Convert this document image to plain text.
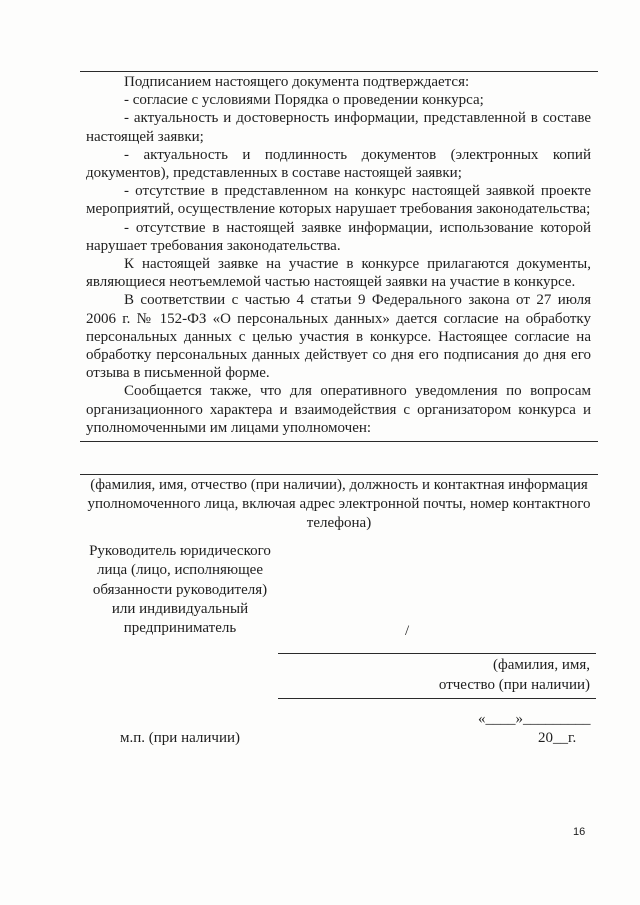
Подписанием настоящего документа подтверждается:

- согласие с условиями Порядка о проведении конкурса;

- актуальность и достоверность информации, представленной в составе настоящей заявки;

- актуальность и подлинность документов (электронных копий документов), представленных в составе настоящей заявки;

- отсутствие в представленном на конкурс настоящей заявкой проекте мероприятий, осуществление которых нарушает требования законодательства;

- отсутствие в настоящей заявке информации, использование которой нарушает требования законодательства.

К настоящей заявке на участие в конкурсе прилагаются документы, являющиеся неотъемлемой частью настоящей заявки на участие в конкурсе.

В соответствии с частью 4 статьи 9 Федерального закона от 27 июля 2006 г. № 152-ФЗ «О персональных данных» дается согласие на обработку персональных данных с целью участия в конкурсе. Настоящее согласие на обработку персональных данных действует со дня его подписания до дня его отзыва в письменной форме.

Сообщается также, что для оперативного уведомления по вопросам организационного характера и взаимодействия с организатором конкурса и уполномоченными им лицами уполномочен:

(фамилия, имя, отчество (при наличии), должность и контактная информация уполномоченного лица, включая адрес электронной почты, номер контактного телефона)
Руководитель юридического лица (лицо, исполняющее обязанности руководителя) или индивидуальный предприниматель	/
(фамилия, имя,
отчество (при наличии)
«____»_________
20__г.
м.п. (при наличии)
16
